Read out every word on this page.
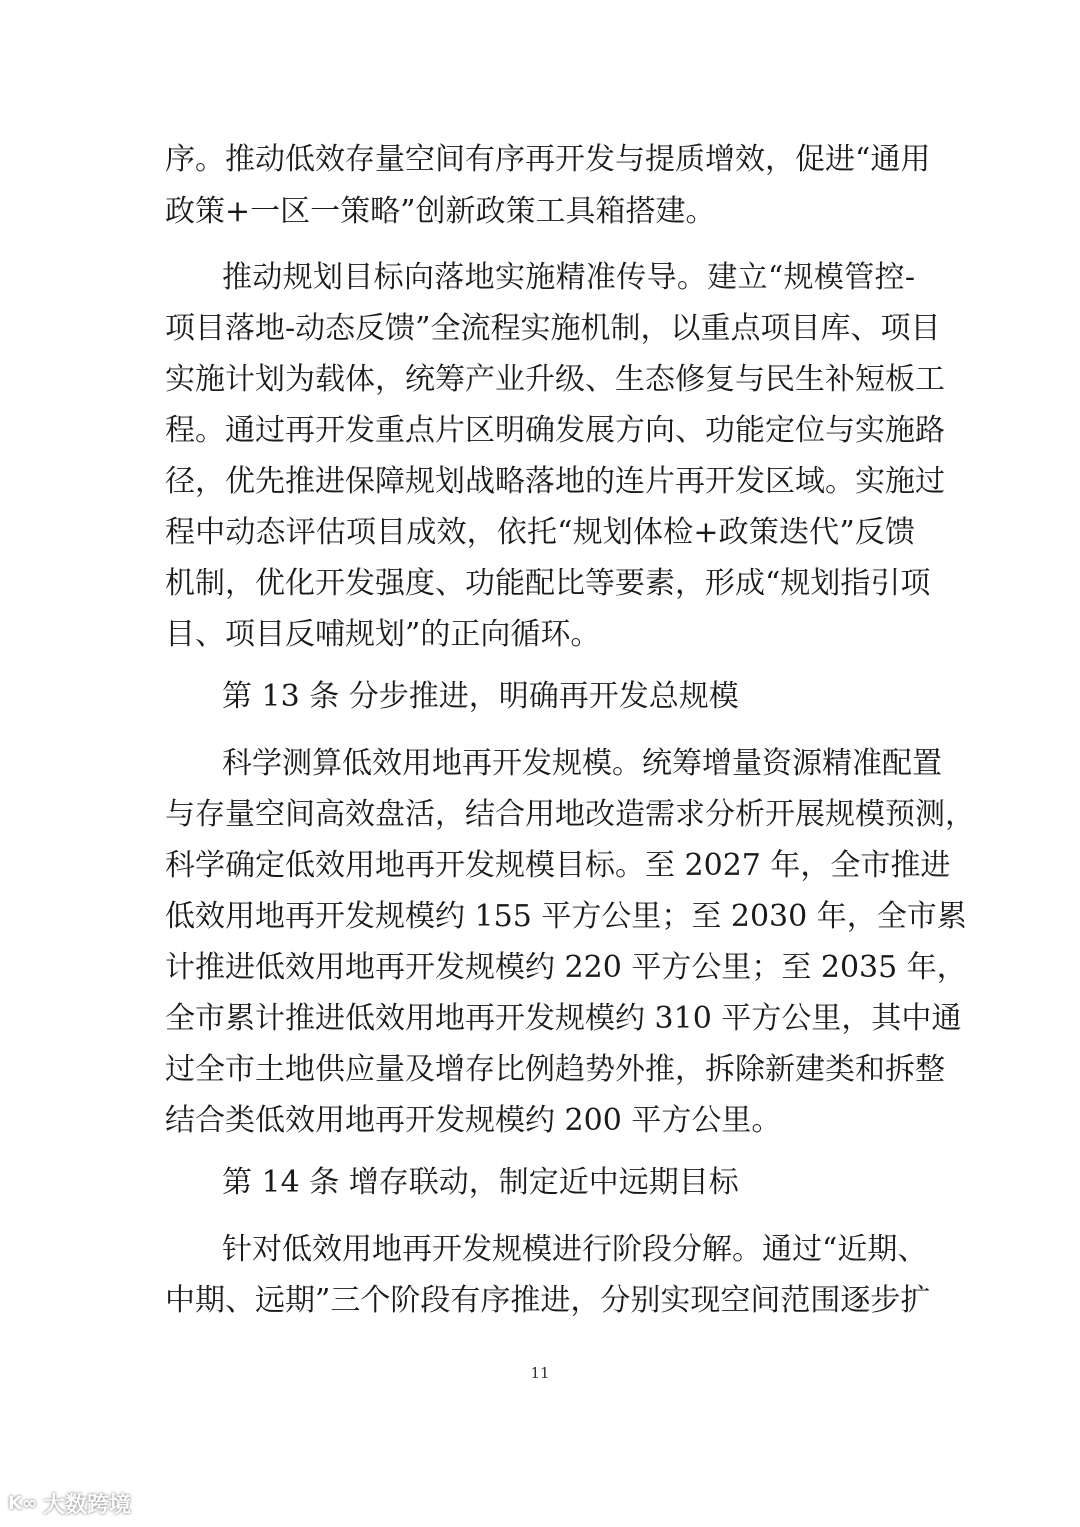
序。推动低效存量空间有序再开发与提质增效，促进“通用
政策+一区一策略”创新政策工具箱搭建。
推动规划目标向落地实施精准传导。建立“规模管控-
项目落地-动态反馈”全流程实施机制，以重点项目库、项目
实施计划为载体，统筹产业升级、生态修复与民生补短板工
程。通过再开发重点片区明确发展方向、功能定位与实施路
径，优先推进保障规划战略落地的连片再开发区域。实施过
程中动态评估项目成效，依托“规划体检+政策迭代”反馈
机制，优化开发强度、功能配比等要素，形成“规划指引项
目、项目反哺规划”的正向循环。
第 13 条 分步推进，明确再开发总规模
科学测算低效用地再开发规模。统筹增量资源精准配置
与存量空间高效盘活，结合用地改造需求分析开展规模预测，
科学确定低效用地再开发规模目标。至 2027 年，全市推进
低效用地再开发规模约 155 平方公里；至 2030 年，全市累
计推进低效用地再开发规模约 220 平方公里；至 2035 年，
全市累计推进低效用地再开发规模约 310 平方公里，其中通
过全市土地供应量及增存比例趋势外推，拆除新建类和拆整
结合类低效用地再开发规模约 200 平方公里。
第 14 条 增存联动，制定近中远期目标
针对低效用地再开发规模进行阶段分解。通过“近期、
中期、远期”三个阶段有序推进，分别实现空间范围逐步扩
11
K∞ 大数跨境
